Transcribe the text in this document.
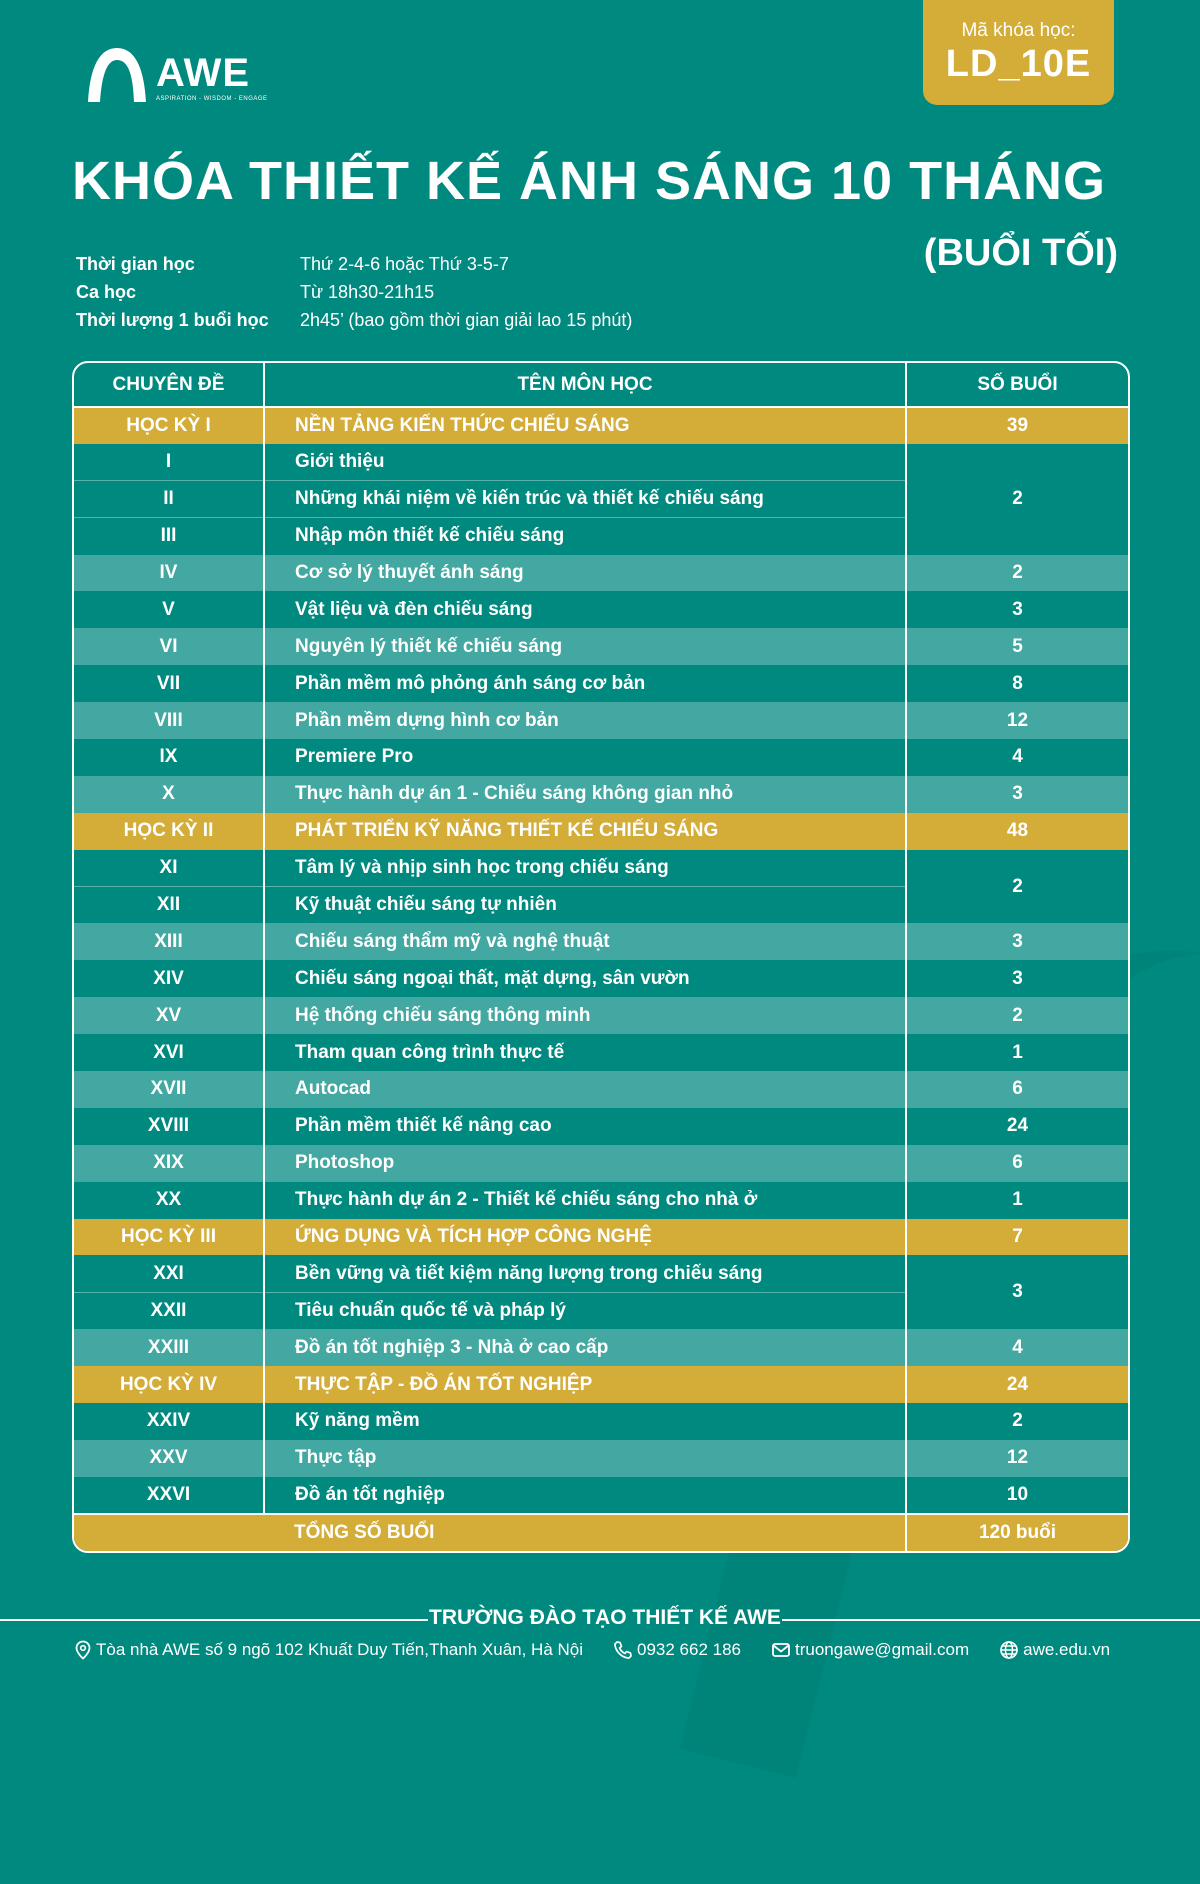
AWE
ASPIRATION - WISDOM - ENGAGE
Mã khóa học:
LD_10E
KHÓA THIẾT KẾ ÁNH SÁNG 10 THÁNG
(BUỔI TỐI)
Thời gian học	Thứ 2-4-6 hoặc Thứ 3-5-7
Ca học	Từ 18h30-21h15
Thời lượng 1 buổi học	2h45’ (bao gồm thời gian giải lao 15 phút)
CHUYÊN ĐỀ	TÊN MÔN HỌC	SỐ BUỔI
HỌC KỲ I	NỀN TẢNG KIẾN THỨC CHIẾU SÁNG	39
I	Giới thiệu	2
II	Những khái niệm về kiến trúc và thiết kế chiếu sáng	
III	Nhập môn thiết kế chiếu sáng	
IV	Cơ sở lý thuyết ánh sáng	2
V	Vật liệu và đèn chiếu sáng	3
VI	Nguyên lý thiết kế chiếu sáng	5
VII	Phần mềm mô phỏng ánh sáng cơ bản	8
VIII	Phần mềm dựng hình cơ bản	12
IX	Premiere Pro	4
X	Thực hành dự án 1 - Chiếu sáng không gian nhỏ	3
HỌC KỲ II	PHÁT TRIỂN KỸ NĂNG THIẾT KẾ CHIẾU SÁNG	48
XI	Tâm lý và nhịp sinh học trong chiếu sáng	2
XII	Kỹ thuật chiếu sáng tự nhiên	
XIII	Chiếu sáng thẩm mỹ và nghệ thuật	3
XIV	Chiếu sáng ngoại thất, mặt dựng, sân vườn	3
XV	Hệ thống chiếu sáng thông minh	2
XVI	Tham quan công trình thực tế	1
XVII	Autocad	6
XVIII	Phần mềm thiết kế nâng cao	24
XIX	Photoshop	6
XX	Thực hành dự án 2 - Thiết kế chiếu sáng cho nhà ở	1
HỌC KỲ III	ỨNG DỤNG VÀ TÍCH HỢP CÔNG NGHỆ	7
XXI	Bền vững và tiết kiệm năng lượng trong chiếu sáng	3
XXII	Tiêu chuẩn quốc tế và pháp lý	
XXIII	Đồ án tốt nghiệp 3 - Nhà ở cao cấp	4
HỌC KỲ IV	THỰC TẬP - ĐỒ ÁN TỐT NGHIỆP	24
XXIV	Kỹ năng mềm	2
XXV	Thực tập	12
XXVI	Đồ án tốt nghiệp	10
	TỔNG SỐ BUỔI	120 buổi
TRƯỜNG ĐÀO TẠO THIẾT KẾ AWE
Tòa nhà AWE số 9 ngõ 102 Khuất Duy Tiến,Thanh Xuân, Hà Nội	0932 662 186	truongawe@gmail.com	awe.edu.vn
